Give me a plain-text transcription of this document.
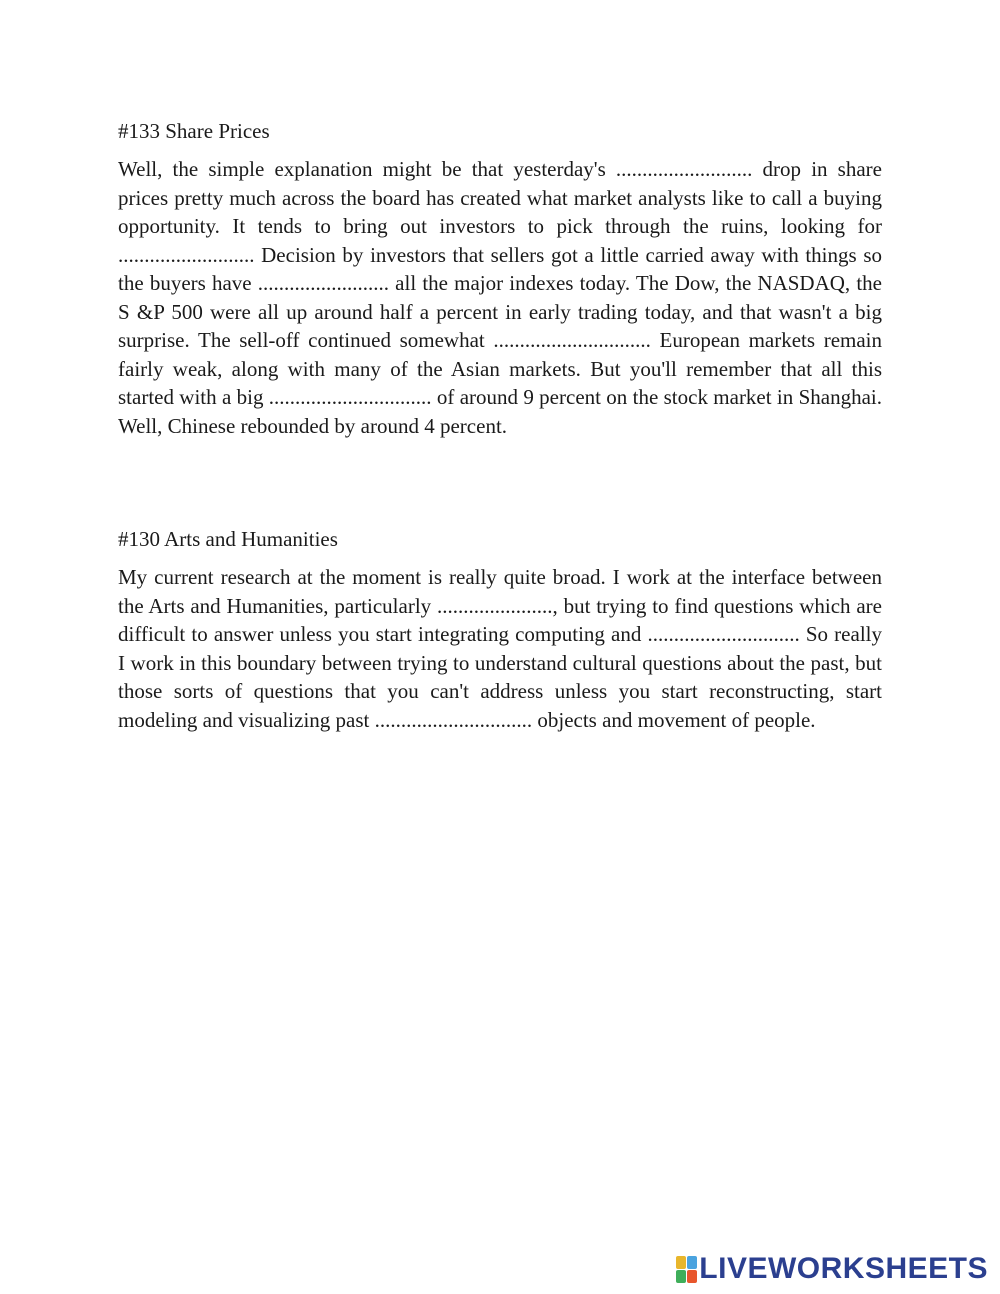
#133 Share Prices

Well, the simple explanation might be that yesterday's .......................... drop in share prices pretty much across the board has created what market analysts like to call a buying opportunity. It tends to bring out investors to pick through the ruins, looking for .......................... Decision by investors that sellers got a little carried away with things so the buyers have ......................... all the major indexes today. The Dow, the NASDAQ, the S &P 500 were all up around half a percent in early trading today, and that wasn't a big surprise. The sell-off continued somewhat .............................. European markets remain fairly weak, along with many of the Asian markets. But you'll remember that all this started with a big ............................... of around 9 percent on the stock market in Shanghai. Well, Chinese rebounded by around 4 percent.

#130 Arts and Humanities

My current research at the moment is really quite broad. I work at the interface between the Arts and Humanities, particularly ......................, but trying to find questions which are difficult to answer unless you start integrating computing and ............................. So really I work in this boundary between trying to understand cultural questions about the past, but those sorts of questions that you can't address unless you start reconstructing, start modeling and visualizing past .............................. objects and movement of people.

LIVEWORKSHEETS
